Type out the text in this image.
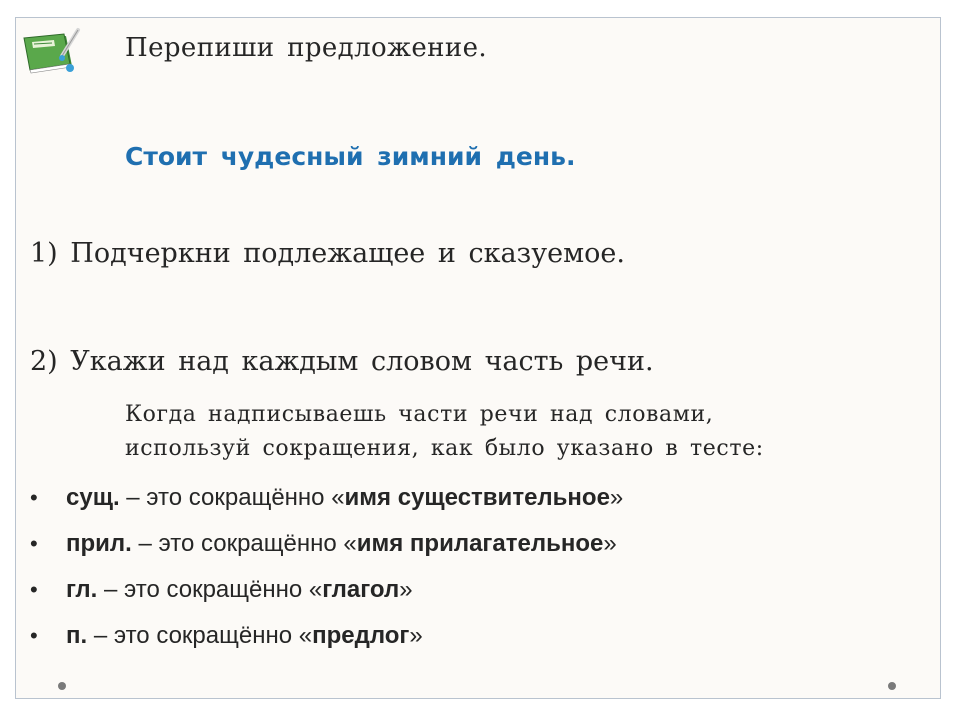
Перепиши предложение.
Стоит чудесный зимний день.
1) Подчеркни подлежащее и сказуемое.
2) Укажи над каждым словом часть речи.
Когда надписываешь части речи над словами,
используй сокращения, как было указано в тесте:
• сущ. – это сокращённо «имя существительное»
• прил. – это сокращённо «имя прилагательное»
• гл. – это сокращённо «глагол»
• п. – это сокращённо «предлог»
